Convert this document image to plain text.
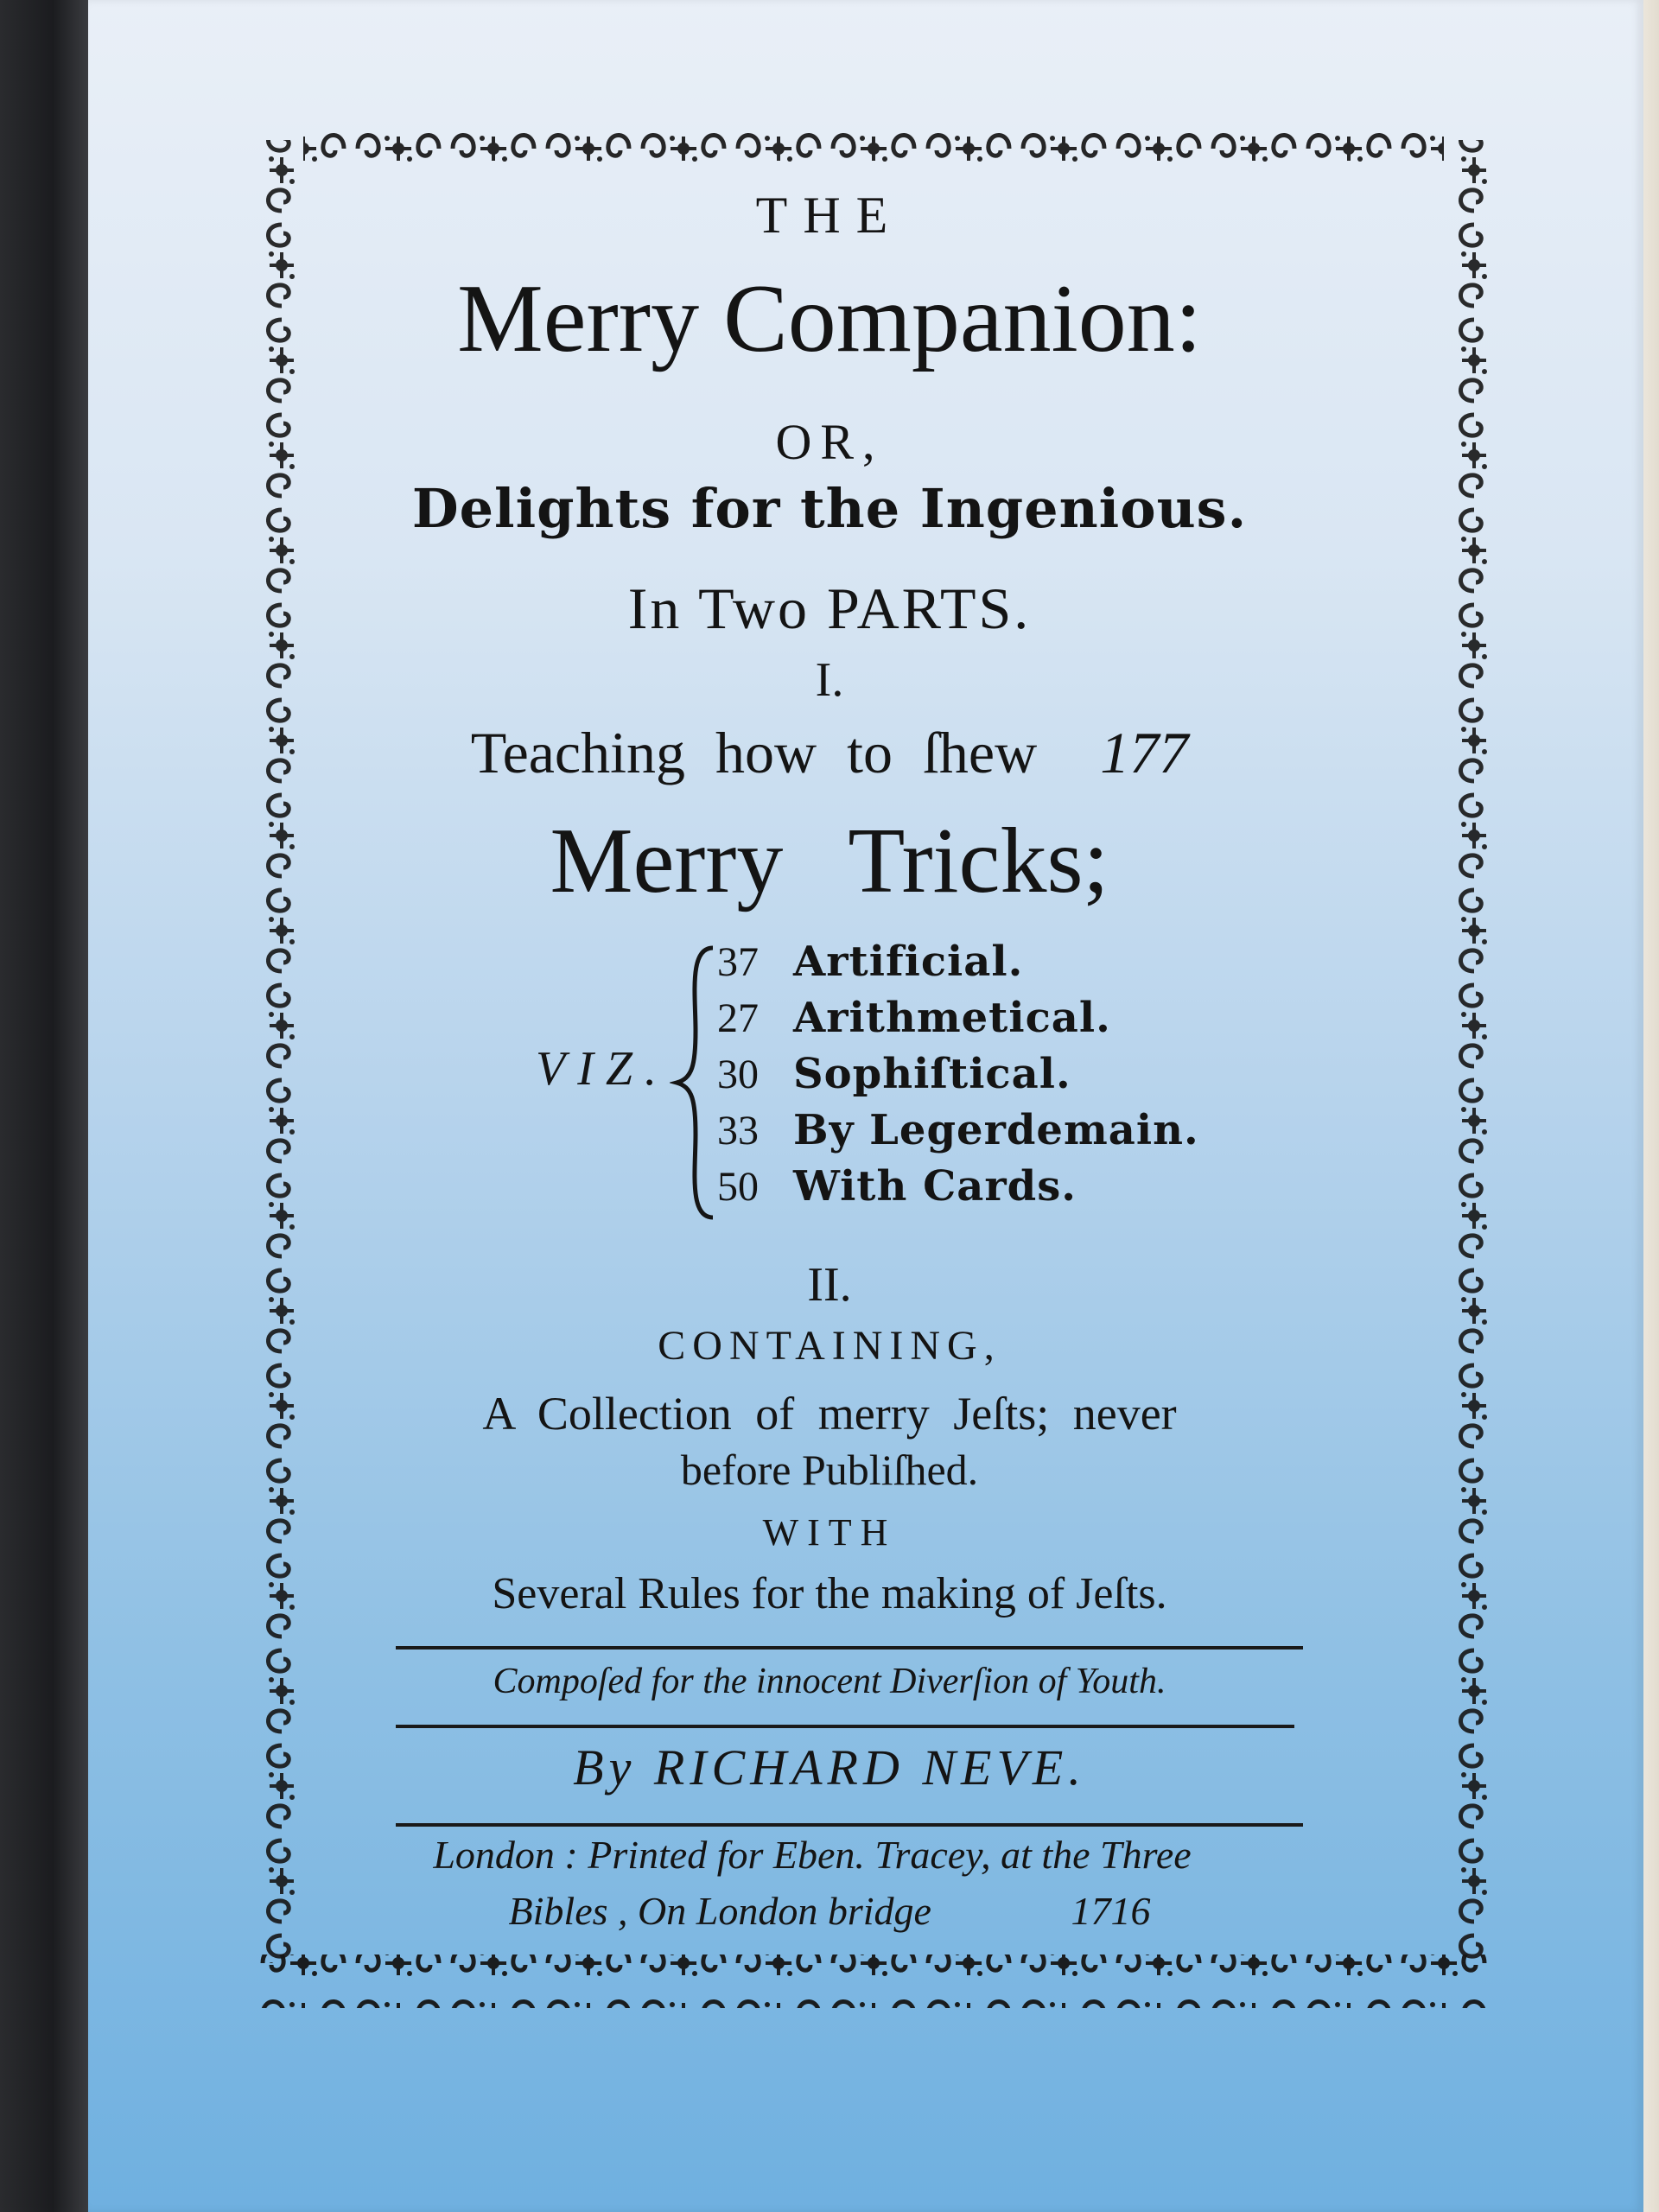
THE
Merry Companion:
OR,
Delights for the Ingenious.
In Two PARTS.
I.
Teaching how to ſhew 177
Merry Tricks;
VIZ.
37 Artificial.
27 Arithmetical.
30 Sophiſtical.
33 By Legerdemain.
50 With Cards.
II.
CONTAINING,
A Collection of merry Jeſts; never
before Publiſhed.
WITH
Several Rules for the making of Jeſts.
Compoſed for the innocent Diverſion of Youth.
By RICHARD NEVE.
London : Printed for Eben. Tracey, at the Three
Bibles , On London bridge	1716
